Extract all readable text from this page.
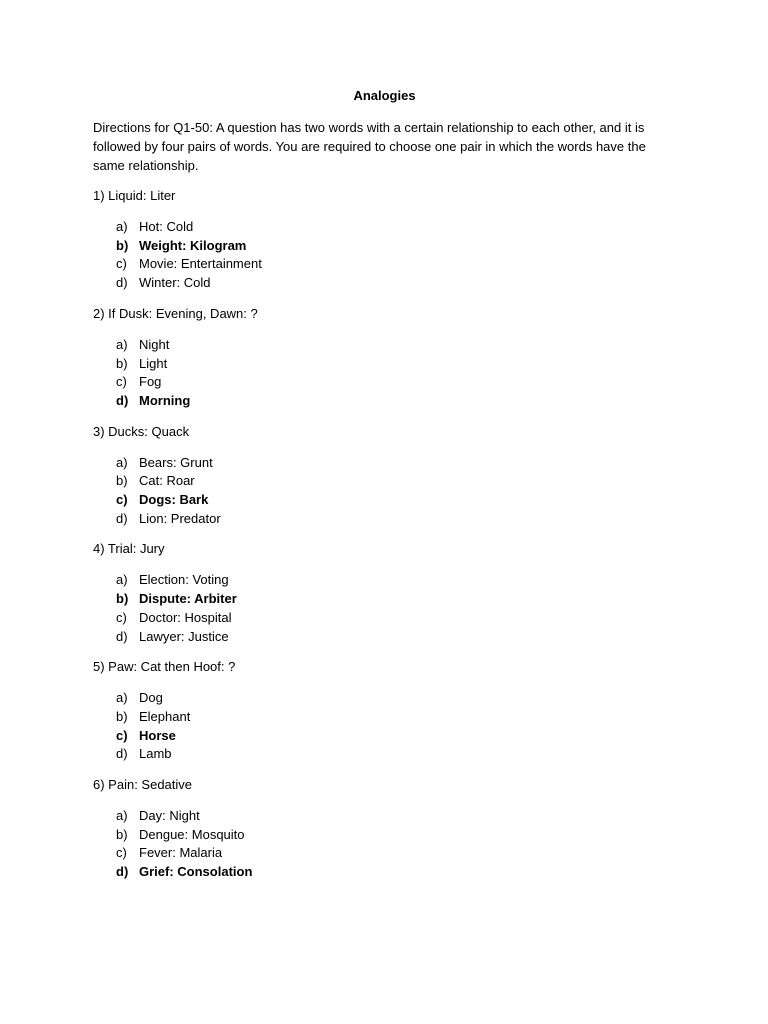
Analogies
Directions for Q1-50: A question has two words with a certain relationship to each other, and it is followed by four pairs of words. You are required to choose one pair in which the words have the same relationship.
1) Liquid: Liter
a) Hot: Cold
b) Weight: Kilogram
c) Movie: Entertainment
d) Winter: Cold
2) If Dusk: Evening, Dawn: ?
a) Night
b) Light
c) Fog
d) Morning
3) Ducks: Quack
a) Bears: Grunt
b) Cat: Roar
c) Dogs: Bark
d) Lion: Predator
4) Trial: Jury
a) Election: Voting
b) Dispute: Arbiter
c) Doctor: Hospital
d) Lawyer: Justice
5) Paw: Cat then Hoof: ?
a) Dog
b) Elephant
c) Horse
d) Lamb
6) Pain: Sedative
a) Day: Night
b) Dengue: Mosquito
c) Fever: Malaria
d) Grief: Consolation
